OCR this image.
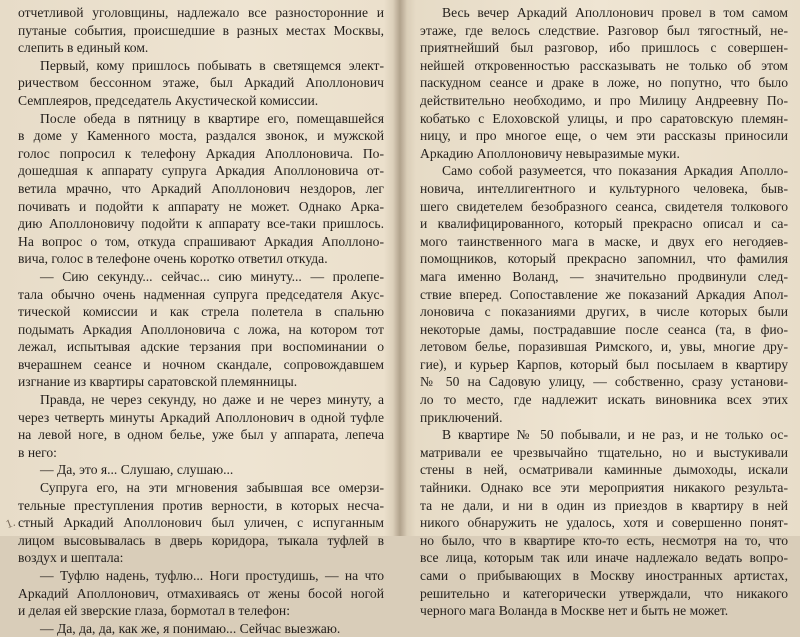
отчетливой уголовщины, надлежало все разносторонние и
путаные события, происшедшие в разных местах Москвы,
слепить в единый ком.
Первый, кому пришлось побывать в светящемся элект-
ричеством бессонном этаже, был Аркадий Аполлонович
Семплеяров, председатель Акустической комиссии.
После обеда в пятницу в квартире его, помещавшейся
в доме у Каменного моста, раздался звонок, и мужской
голос попросил к телефону Аркадия Аполлоновича. По-
дошедшая к аппарату супруга Аркадия Аполлоновича от-
ветила мрачно, что Аркадий Аполлонович нездоров, лег
почивать и подойти к аппарату не может. Однако Арка-
дию Аполлоновичу подойти к аппарату все-таки пришлось.
На вопрос о том, откуда спрашивают Аркадия Аполлоно-
вича, голос в телефоне очень коротко ответил откуда.
— Сию секунду... сейчас... сию минуту... — пролепе-
тала обычно очень надменная супруга председателя Акус-
тической комиссии и как стрела полетела в спальню
подымать Аркадия Аполлоновича с ложа, на котором тот
лежал, испытывая адские терзания при воспоминании о
вчерашнем сеансе и ночном скандале, сопровождавшем
изгнание из квартиры саратовской племянницы.
Правда, не через секунду, но даже и не через минуту, а
через четверть минуты Аркадий Аполлонович в одной туфле
на левой ноге, в одном белье, уже был у аппарата, лепеча
в него:
— Да, это я... Слушаю, слушаю...
Супруга его, на эти мгновения забывшая все омерзи-
тельные преступления против верности, в которых несча-
стный Аркадий Аполлонович был уличен, с испуганным
лицом высовывалась в дверь коридора, тыкала туфлей в
воздух и шептала:
— Туфлю надень, туфлю... Ноги простудишь, — на что
Аркадий Аполлонович, отмахиваясь от жены босой ногой
и делая ей зверские глаза, бормотал в телефон:
— Да, да, да, как же, я понимаю... Сейчас выезжаю.
Весь вечер Аркадий Аполлонович провел в том самом
этаже, где велось следствие. Разговор был тягостный, не-
приятнейший был разговор, ибо пришлось с совершен-
нейшей откровенностью рассказывать не только об этом
паскудном сеансе и драке в ложе, но попутно, что было
действительно необходимо, и про Милицу Андреевну По-
кобатько с Елоховской улицы, и про саратовскую племян-
ницу, и про многое еще, о чем эти рассказы приносили
Аркадию Аполлоновичу невыразимые муки.
Само собой разумеется, что показания Аркадия Аполло-
новича, интеллигентного и культурного человека, быв-
шего свидетелем безобразного сеанса, свидетеля толкового
и квалифицированного, который прекрасно описал и са-
мого таинственного мага в маске, и двух его негодяев-
помощников, который прекрасно запомнил, что фамилия
мага именно Воланд, — значительно продвинули след-
ствие вперед. Сопоставление же показаний Аркадия Апол-
лоновича с показаниями других, в числе которых были
некоторые дамы, пострадавшие после сеанса (та, в фио-
летовом белье, поразившая Римского, и, увы, многие дру-
гие), и курьер Карпов, который был посылаем в квартиру
№ 50 на Садовую улицу, — собственно, сразу установи-
ло то место, где надлежит искать виновника всех этих
приключений.
В квартире № 50 побывали, и не раз, и не только ос-
матривали ее чрезвычайно тщательно, но и выстукивали
стены в ней, осматривали каминные дымоходы, искали
тайники. Однако все эти мероприятия никакого результа-
та не дали, и ни в один из приездов в квартиру в ней
никого обнаружить не удалось, хотя и совершенно понят-
но было, что в квартире кто-то есть, несмотря на то, что
все лица, которым так или иначе надлежало ведать вопро-
сами о прибывающих в Москву иностранных артистах,
решительно и категорически утверждали, что никакого
черного мага Воланда в Москве нет и быть не может.
1.
